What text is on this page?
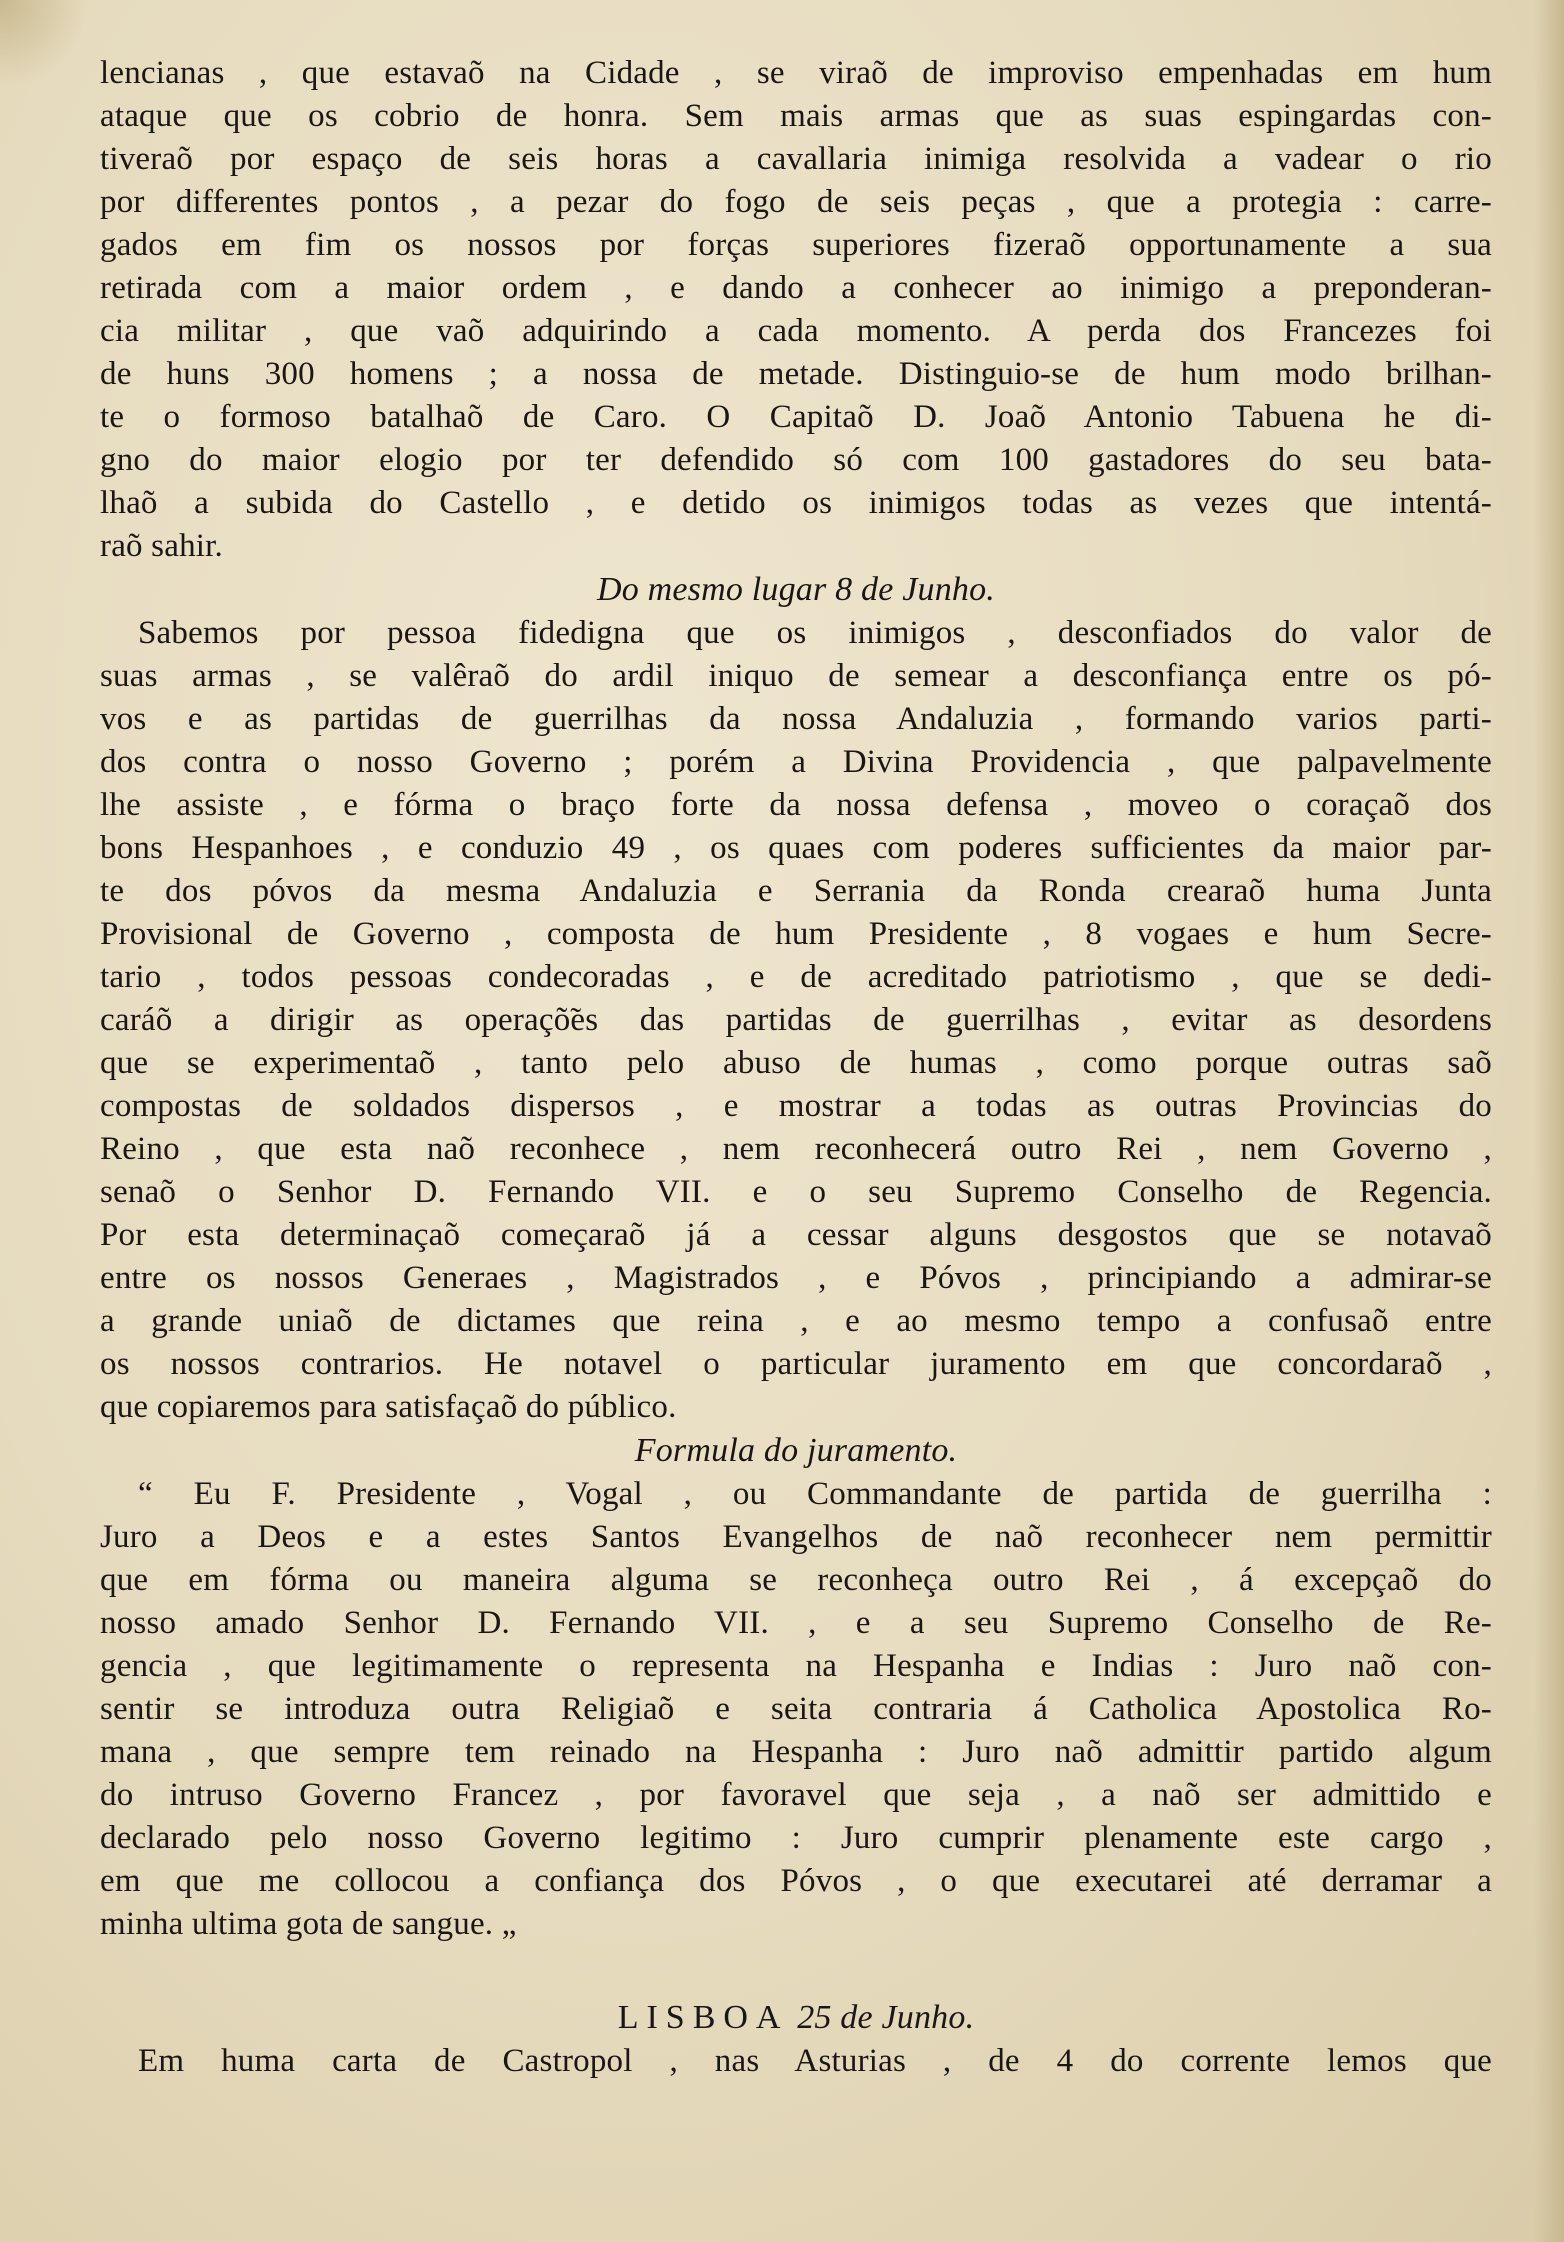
lencianas , que estavaõ na Cidade , se viraõ de improviso empenhadas em hum
ataque que os cobrio de honra. Sem mais armas que as suas espingardas con-
tiveraõ por espaço de seis horas a cavallaria inimiga resolvida a vadear o rio
por differentes pontos , a pezar do fogo de seis peças , que a protegia : carre-
gados em fim os nossos por forças superiores fizeraõ opportunamente a sua
retirada com a maior ordem , e dando a conhecer ao inimigo a preponderan-
cia militar , que vaõ adquirindo a cada momento. A perda dos Francezes foi
de huns 300 homens ; a nossa de metade. Distinguio-se de hum modo brilhan-
te o formoso batalhaõ de Caro. O Capitaõ D. Joaõ Antonio Tabuena he di-
gno do maior elogio por ter defendido só com 100 gastadores do seu bata-
lhaõ a subida do Castello , e detido os inimigos todas as vezes que intentá-
raõ sahir.

Do mesmo lugar 8 de Junho.

Sabemos por pessoa fidedigna que os inimigos , desconfiados do valor de
suas armas , se valêraõ do ardil iniquo de semear a desconfiança entre os pó-
vos e as partidas de guerrilhas da nossa Andaluzia , formando varios parti-
dos contra o nosso Governo ; porém a Divina Providencia , que palpavelmente
lhe assiste , e fórma o braço forte da nossa defensa , moveo o coraçaõ dos
bons Hespanhoes , e conduzio 49 , os quaes com poderes sufficientes da maior par-
te dos póvos da mesma Andaluzia e Serrania da Ronda crearaõ huma Junta
Provisional de Governo , composta de hum Presidente , 8 vogaes e hum Secre-
tario , todos pessoas condecoradas , e de acreditado patriotismo , que se dedi-
caráõ a dirigir as operaçõ̃es das partidas de guerrilhas , evitar as desordens
que se experimentaõ , tanto pelo abuso de humas , como porque outras saõ
compostas de soldados dispersos , e mostrar a todas as outras Provincias do
Reino , que esta naõ reconhece , nem reconhecerá outro Rei , nem Governo ,
senaõ o Senhor D. Fernando VII. e o seu Supremo Conselho de Regencia.
Por esta determinaçaõ começaraõ já a cessar alguns desgostos que se notavaõ
entre os nossos Generaes , Magistrados , e Póvos , principiando a admirar-se
a grande uniaõ de dictames que reina , e ao mesmo tempo a confusaõ entre
os nossos contrarios. He notavel o particular juramento em que concordaraõ ,
que copiaremos para satisfaçaõ do público.

Formula do juramento.

“ Eu F. Presidente , Vogal , ou Commandante de partida de guerrilha :
Juro a Deos e a estes Santos Evangelhos de naõ reconhecer nem permittir
que em fórma ou maneira alguma se reconheça outro Rei , á excepçaõ do
nosso amado Senhor D. Fernando VII. , e a seu Supremo Conselho de Re-
gencia , que legitimamente o representa na Hespanha e Indias : Juro naõ con-
sentir se introduza outra Religiaõ e seita contraria á Catholica Apostolica Ro-
mana , que sempre tem reinado na Hespanha : Juro naõ admittir partido algum
do intruso Governo Francez , por favoravel que seja , a naõ ser admittido e
declarado pelo nosso Governo legitimo : Juro cumprir plenamente este cargo ,
em que me collocou a confiança dos Póvos , o que executarei até derramar a
minha ultima gota de sangue. „

LISBOA 25 de Junho.

Em huma carta de Castropol , nas Asturias , de 4 do corrente lemos que
